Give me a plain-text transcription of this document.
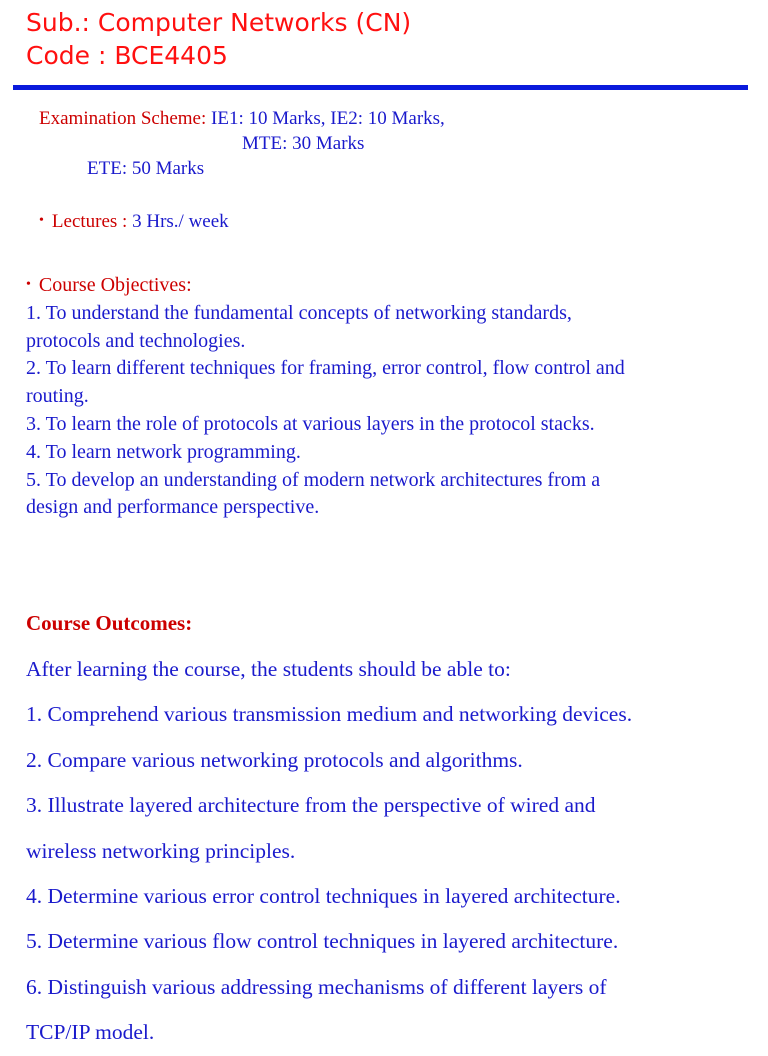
Sub.: Computer Networks (CN)
Code : BCE4405
Examination Scheme: IE1: 10 Marks, IE2: 10 Marks,
MTE: 30 Marks
ETE: 50 Marks
• Lectures : 3 Hrs./ week
• Course Objectives:
1. To understand the fundamental concepts of networking standards,
protocols and technologies.
2. To learn different techniques for framing, error control, flow control and
routing.
3. To learn the role of protocols at various layers in the protocol stacks.
4. To learn network programming.
5. To develop an understanding of modern network architectures from a
design and performance perspective.
Course Outcomes:
After learning the course, the students should be able to:
1. Comprehend various transmission medium and networking devices.
2. Compare various networking protocols and algorithms.
3. Illustrate layered architecture from the perspective of wired and
wireless networking principles.
4. Determine various error control techniques in layered architecture.
5. Determine various flow control techniques in layered architecture.
6. Distinguish various addressing mechanisms of different layers of
TCP/IP model.
